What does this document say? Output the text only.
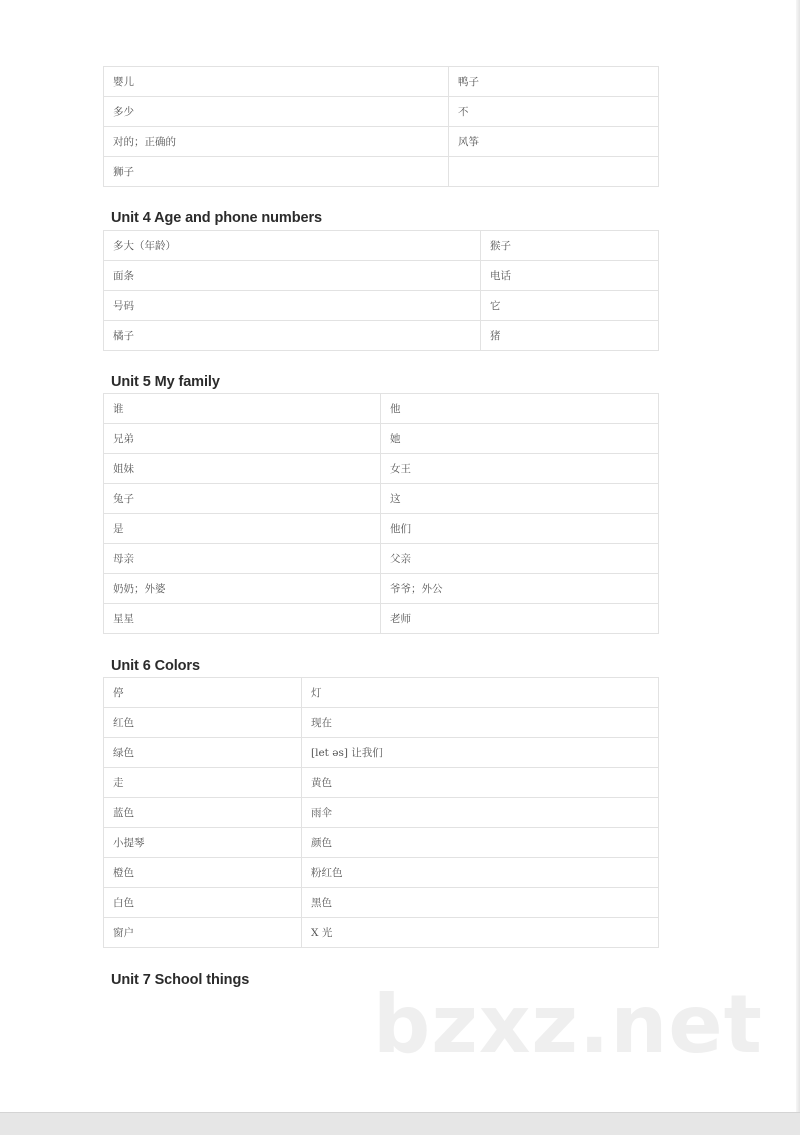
婴儿	鸭子
多少	不
对的；正确的	风筝
狮子	
Unit 4 Age and phone numbers
多大（年龄）	猴子
面条	电话
号码	它
橘子	猪
Unit 5 My family
谁	他
兄弟	她
姐妹	女王
兔子	这
是	他们
母亲	父亲
奶奶；外婆	爷爷；外公
星星	老师
Unit 6 Colors
停	灯
红色	现在
绿色	[let əs] 让我们
走	黄色
蓝色	雨伞
小提琴	颜色
橙色	粉红色
白色	黑色
窗户	X 光
Unit 7 School things bzxz.net
